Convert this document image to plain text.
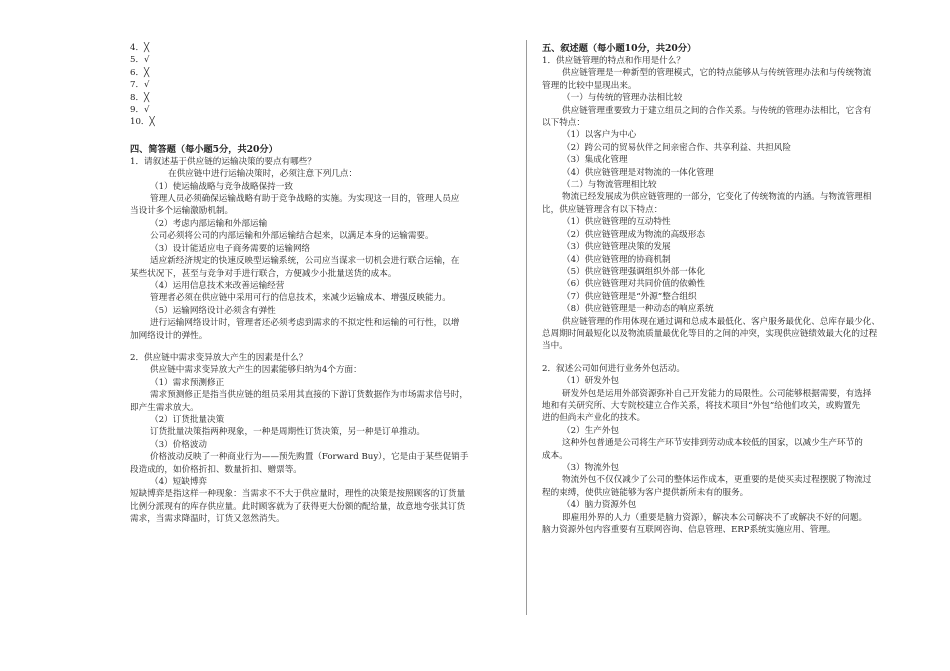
4．╳
5．√
6．╳
7．√
8．╳
9．√
10．╳
四、简答题（每小题5分，共20分）
1．请叙述基于供应链的运输决策的要点有哪些？
在供应链中进行运输决策时，必须注意下列几点：
（1）使运输战略与竞争战略保持一致
管理人员必须确保运输战略有助于竞争战略的实施。为实现这一目的，管理人员应
当设计多个运输激励机制。
（2）考虑内部运输和外部运输
公司必须将公司的内部运输和外部运输结合起来，以满足本身的运输需要。
（3）设计能适应电子商务需要的运输网络
适应新经济规定的快速反映型运输系统，公司应当谋求一切机会进行联合运输，在
某些状况下，甚至与竞争对手进行联合，方便减少小批量送货的成本。
（4）运用信息技术来改善运输经营
管理者必须在供应链中采用可行的信息技术，来减少运输成本、增强反映能力。
（5）运输网络设计必须含有弹性
进行运输网络设计时，管理者还必须考虑到需求的不拟定性和运输的可行性，以增
加网络设计的弹性。
2．供应链中需求变异放大产生的因素是什么？
供应链中需求变异放大产生的因素能够归纳为4个方面：
（1）需求预测修正
需求预测修正是指当供应链的组员采用其直接的下游订货数据作为市场需求信号时，
即产生需求放大。
（2）订货批量决策
订货批量决策指两种现象，一种是周期性订货决策，另一种是订单推动。
（3）价格波动
价格波动反映了一种商业行为——预先购置（Forward Buy），它是由于某些促销手
段造成的，如价格折扣、数量折扣、赠票等。
（4）短缺博弈
短缺博弈是指这样一种现象：当需求不不大于供应量时，理性的决策是按照顾客的订货量
比例分派现有的库存供应量。此时顾客就为了获得更大份额的配给量，故意地夸张其订货
需求，当需求降温时，订货又忽然消失。
五、叙述题（每小题10分，共20分）
1．供应链管理的特点和作用是什么？
供应链管理是一种新型的管理模式，它的特点能够从与传统管理办法和与传统物流
管理的比较中显现出来。
（一）与传统的管理办法相比较
供应链管理重要致力于建立组员之间的合作关系。与传统的管理办法相比，它含有
以下特点：
（1）以客户为中心
（2）跨公司的贸易伙伴之间亲密合作、共享利益、共担风险
（3）集成化管理
（4）供应链管理是对物流的一体化管理
（二）与物流管理相比较
物流已经发展成为供应链管理的一部分，它变化了传统物流的内涵。与物流管理相
比，供应链管理含有以下特点：
（1）供应链管理的互动特性
（2）供应链管理成为物流的高级形态
（3）供应链管理决策的发展
（4）供应链管理的协商机制
（5）供应链管理强调组织外部一体化
（6）供应链管理对共同价值的依赖性
（7）供应链管理是“外源”整合组织
（8）供应链管理是一种动态的响应系统
供应链管理的作用体现在通过调和总成本最低化、客户服务最优化、总库存最少化、
总周期时间最短化以及物流质量最优化等目的之间的冲突，实现供应链绩效最大化的过程
当中。
2．叙述公司如何进行业务外包活动。
（1）研发外包
研发外包是运用外部资源弥补自己开发能力的局限性。公司能够根据需要，有选择
地和有关研究所、大专院校建立合作关系，将技术项目“外包”给他们攻关，或购置先
进的但尚未产业化的技术。
（2）生产外包
这种外包普通是公司将生产环节安排到劳动成本较低的国家，以减少生产环节的
成本。
（3）物流外包
物流外包不仅仅减少了公司的整体运作成本，更重要的是使买卖过程摆脱了物流过
程的束缚，使供应链能够为客户提供新所未有的服务。
（4）脑力资源外包
即雇用外界的人力（重要是脑力资源），解决本公司解决不了或解决不好的问题。
脑力资源外包内容重要有互联网咨询、信息管理、ERP系统实施应用、管理。
